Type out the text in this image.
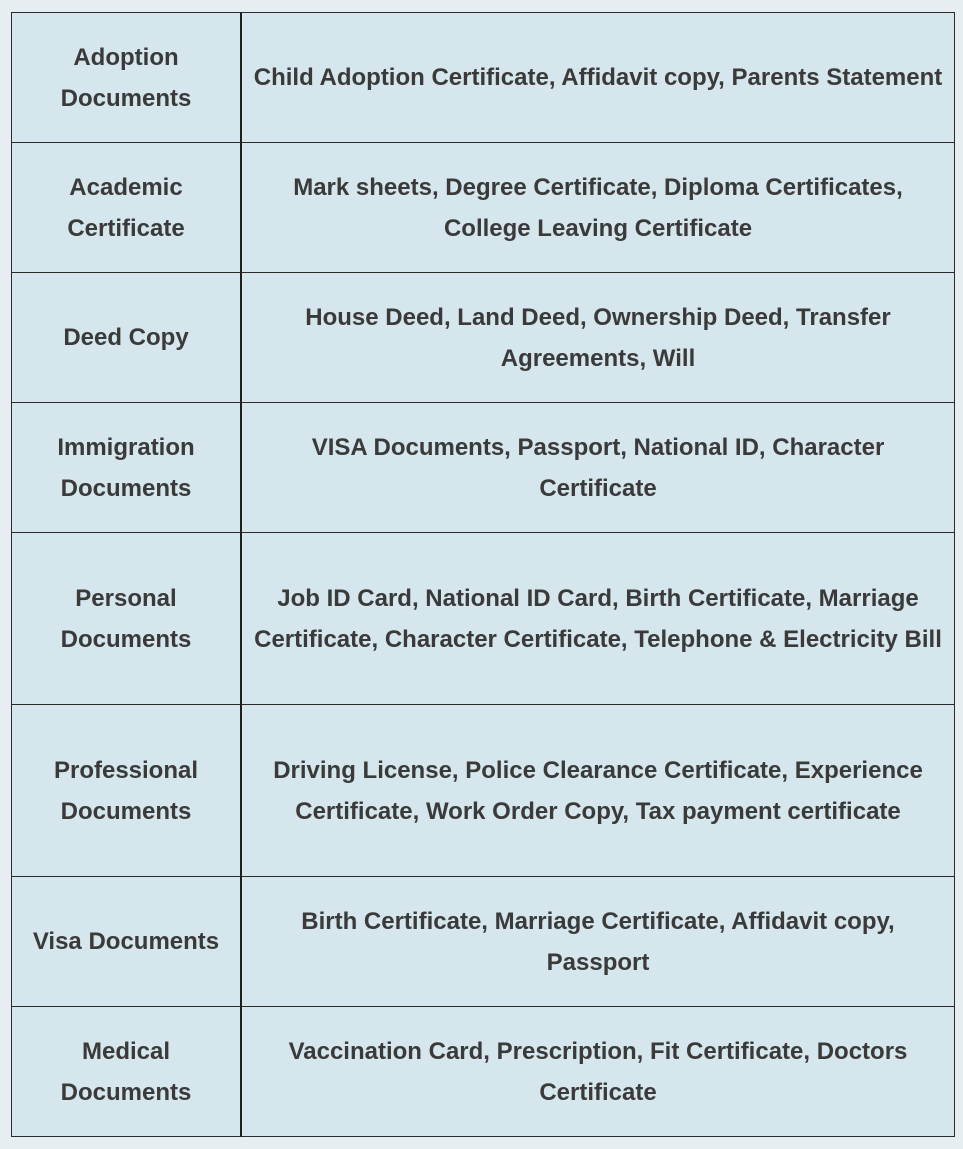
Adoption Documents	Child Adoption Certificate, Affidavit copy, Parents Statement
Academic Certificate	Mark sheets, Degree Certificate, Diploma Certificates, College Leaving Certificate
Deed Copy	House Deed, Land Deed, Ownership Deed, Transfer Agreements, Will
Immigration Documents	VISA Documents, Passport, National ID, Character Certificate
Personal Documents	Job ID Card, National ID Card, Birth Certificate, Marriage Certificate, Character Certificate, Telephone & Electricity Bill
Professional Documents	Driving License, Police Clearance Certificate, Experience Certificate, Work Order Copy, Tax payment certificate
Visa Documents	Birth Certificate, Marriage Certificate, Affidavit copy, Passport
Medical Documents	Vaccination Card, Prescription, Fit Certificate, Doctors Certificate
